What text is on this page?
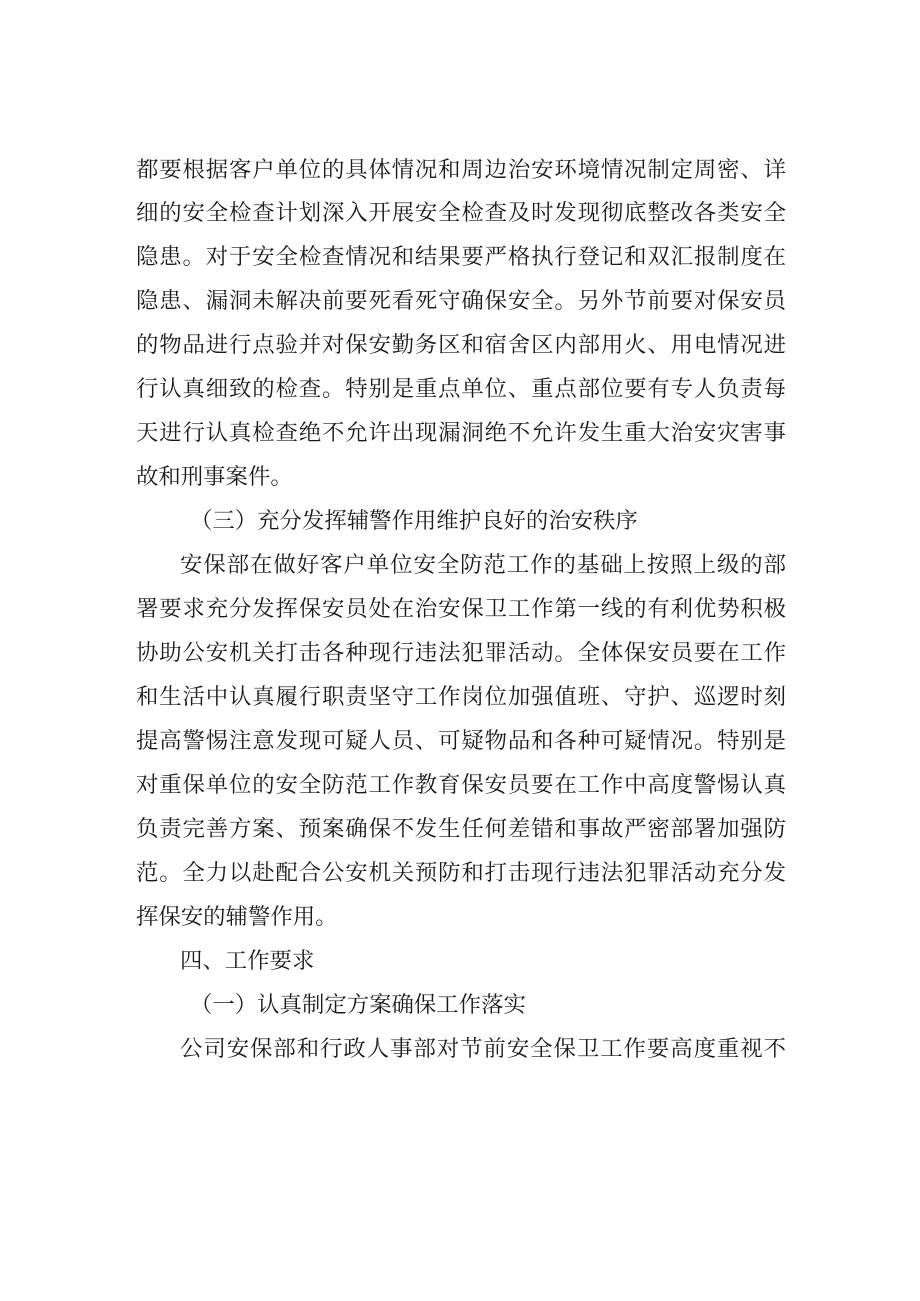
都要根据客户单位的具体情况和周边治安环境情况制定周密、详
细的安全检查计划深入开展安全检查及时发现彻底整改各类安全
隐患。对于安全检查情况和结果要严格执行登记和双汇报制度在
隐患、漏洞未解决前要死看死守确保安全。另外节前要对保安员
的物品进行点验并对保安勤务区和宿舍区内部用火、用电情况进
行认真细致的检查。特别是重点单位、重点部位要有专人负责每
天进行认真检查绝不允许出现漏洞绝不允许发生重大治安灾害事
故和刑事案件。
（三）充分发挥辅警作用维护良好的治安秩序
安保部在做好客户单位安全防范工作的基础上按照上级的部
署要求充分发挥保安员处在治安保卫工作第一线的有利优势积极
协助公安机关打击各种现行违法犯罪活动。全体保安员要在工作
和生活中认真履行职责坚守工作岗位加强值班、守护、巡逻时刻
提高警惕注意发现可疑人员、可疑物品和各种可疑情况。特别是
对重保单位的安全防范工作教育保安员要在工作中高度警惕认真
负责完善方案、预案确保不发生任何差错和事故严密部署加强防
范。全力以赴配合公安机关预防和打击现行违法犯罪活动充分发
挥保安的辅警作用。
四、工作要求
（一）认真制定方案确保工作落实
公司安保部和行政人事部对节前安全保卫工作要高度重视不
